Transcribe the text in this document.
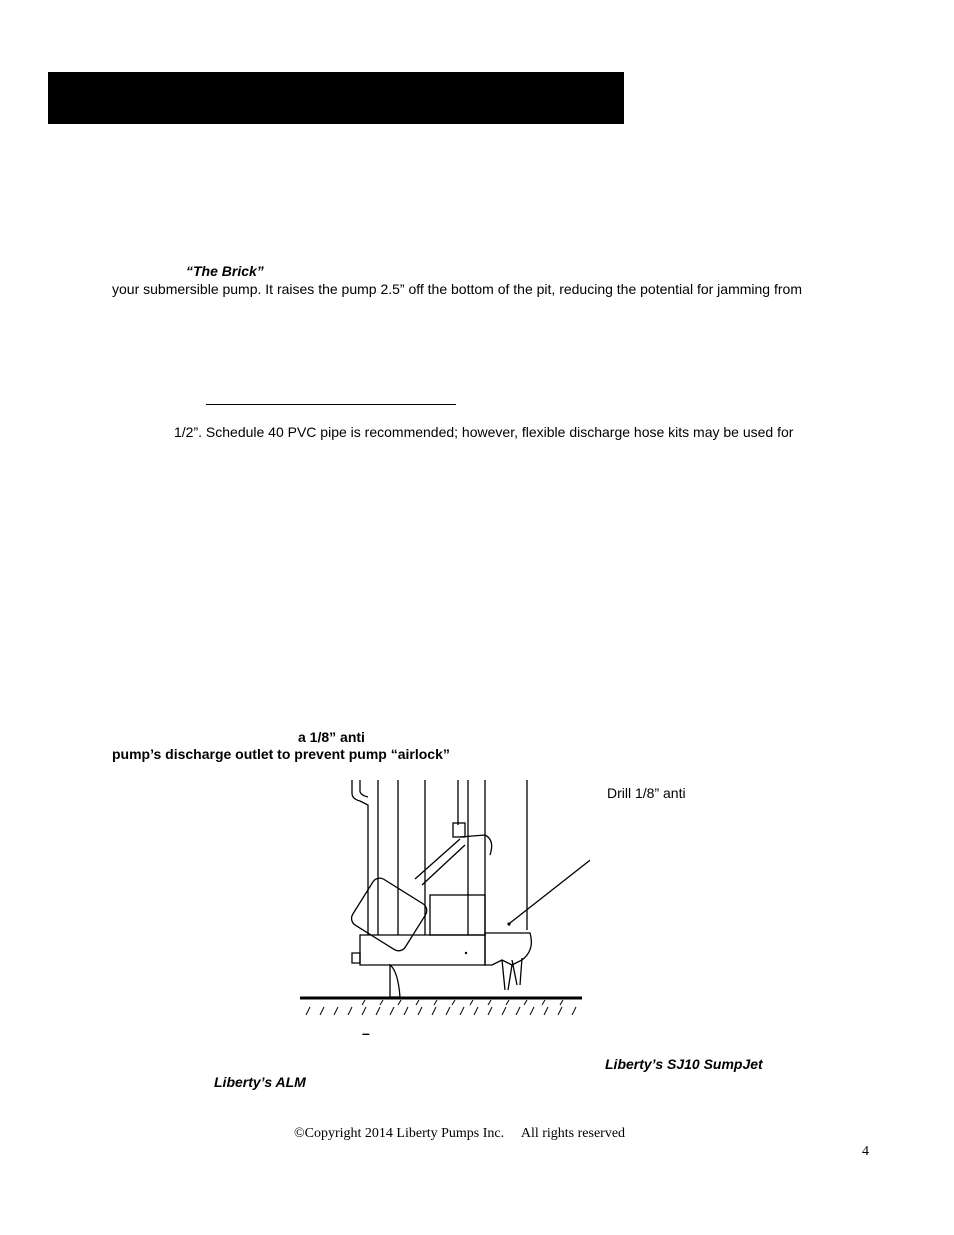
“The Brick”
your submersible pump. It raises the pump 2.5” off the bottom of the pit, reducing the potential for jamming from
1/2”. Schedule 40 PVC pipe is recommended; however, flexible discharge hose kits may be used for
a 1/8” anti
pump’s discharge outlet to prevent pump “airlock”
Drill 1/8” anti
–
Liberty’s SJ10 SumpJet
Liberty’s ALM
©Copyright 2014 Liberty Pumps Inc.     All rights reserved
4
